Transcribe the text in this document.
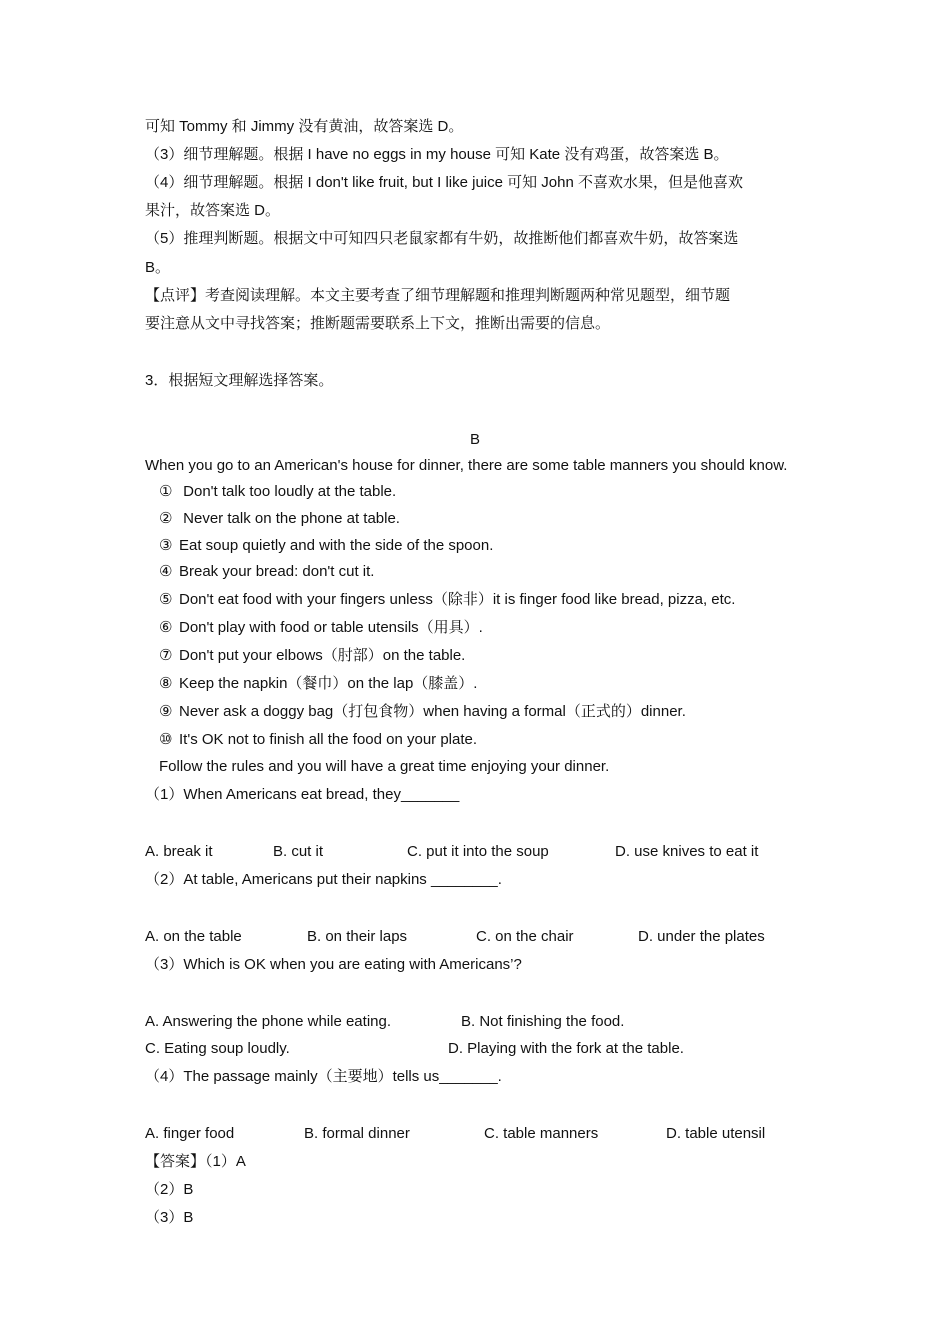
可知 Tommy 和 Jimmy 没有黄油，故答案选 D。
（3）细节理解题。根据 I have no eggs in my house 可知 Kate 没有鸡蛋，故答案选 B。
（4）细节理解题。根据 I don't like fruit, but I like juice 可知 John 不喜欢水果，但是他喜欢
果汁，故答案选 D。
（5）推理判断题。根据文中可知四只老鼠家都有牛奶，故推断他们都喜欢牛奶，故答案选
B。
【点评】考查阅读理解。本文主要考查了细节理解题和推理判断题两种常见题型，细节题
要注意从文中寻找答案；推断题需要联系上下文，推断出需要的信息。
3．根据短文理解选择答案。
B
When you go to an American's house for dinner, there are some table manners you should know.
① Don't talk too loudly at the table.
② Never talk on the phone at table.
③ Eat soup quietly and with the side of the spoon.
④ Break your bread: don't cut it.
⑤ Don't eat food with your fingers unless（除非）it is finger food like bread, pizza, etc.
⑥ Don't play with food or table utensils（用具）.
⑦ Don't put your elbows（肘部）on the table.
⑧ Keep the napkin（餐巾）on the lap（膝盖）.
⑨ Never ask a doggy bag（打包食物）when having a formal（正式的）dinner.
⑩ It's OK not to finish all the food on your plate.
Follow the rules and you will have a great time enjoying your dinner.
（1）When Americans eat bread, they_______
A. break it	B. cut it	C. put it into the soup	D. use knives to eat it
（2）At table, Americans put their napkins ________.
A. on the table	B. on their laps	C. on the chair	D. under the plates
（3）Which is OK when you are eating with Americans’?
A. Answering the phone while eating.	B. Not finishing the food.
C. Eating soup loudly.	D. Playing with the fork at the table.
（4）The passage mainly（主要地）tells us_______.
A. finger food	B. formal dinner	C. table manners	D. table utensil
【答案】（1）A
（2）B
（3）B
